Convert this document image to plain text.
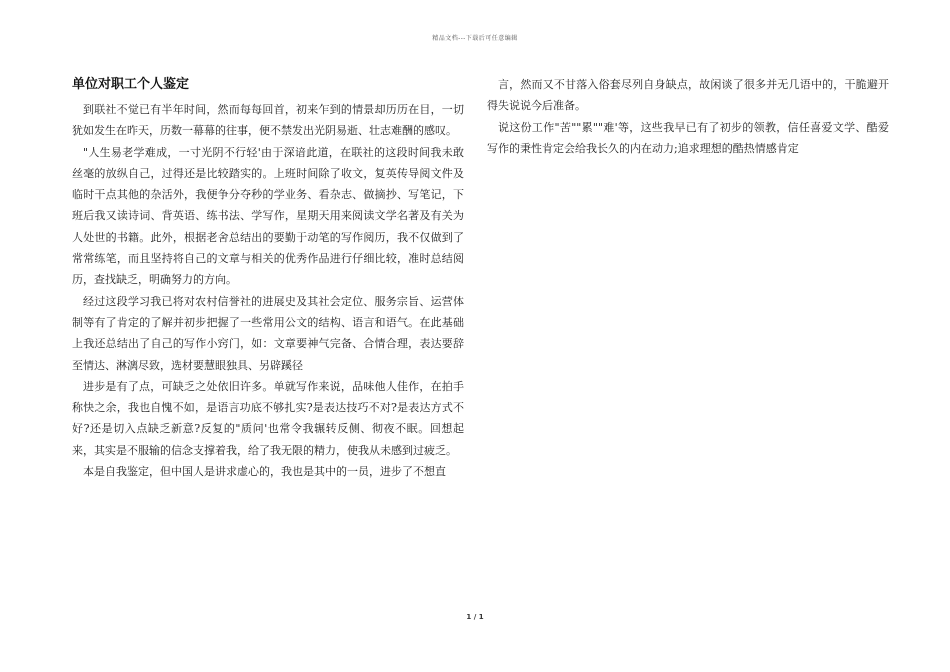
精品文档---下载后可任意编辑
单位对职工个人鉴定

到联社不觉已有半年时间，然而每每回首，初来乍到的情景却历历在目，一切犹如发生在昨天，历数一幕幕的往事，便不禁发出光阴易逝、壮志难酬的感叹。

"人生易老学难成，一寸光阴不行轻'由于深谙此道，在联社的这段时间我未敢丝毫的放纵自己，过得还是比较踏实的。上班时间除了收文，复英传导阅文件及临时干点其他的杂活外，我便争分夺秒的学业务、看杂志、做摘抄、写笔记，下班后我又读诗词、背英语、练书法、学写作，星期天用来阅读文学名著及有关为人处世的书籍。此外，根据老舍总结出的要勤于动笔的写作阅历，我不仅做到了常常练笔，而且坚持将自己的文章与相关的优秀作品进行仔细比较，准时总结阅历，查找缺乏，明确努力的方向。

经过这段学习我已将对农村信誉社的进展史及其社会定位、服务宗旨、运营体制等有了肯定的了解并初步把握了一些常用公文的结构、语言和语气。在此基础上我还总结出了自己的写作小窍门，如：文章要神气完备、合情合理，表达要辞至情达、淋漓尽致，选材要慧眼独具、另辟蹊径

进步是有了点，可缺乏之处依旧许多。单就写作来说，品味他人佳作，在拍手称快之余，我也自愧不如，是语言功底不够扎实?是表达技巧不对?是表达方式不好?还是切入点缺乏新意?反复的"质问'也常令我辗转反侧、彻夜不眠。回想起来，其实是不服输的信念支撑着我，给了我无限的精力，使我从未感到过疲乏。

本是自我鉴定，但中国人是讲求虚心的，我也是其中的一员，进步了不想直

言，然而又不甘落入俗套尽列自身缺点，故闲谈了很多并无几语中的，干脆避开得失说说今后准备。

说这份工作"苦""累""难'等，这些我早已有了初步的领教，信任喜爱文学、酷爱写作的秉性肯定会给我长久的内在动力;追求理想的酷热情感肯定

1 / 1
